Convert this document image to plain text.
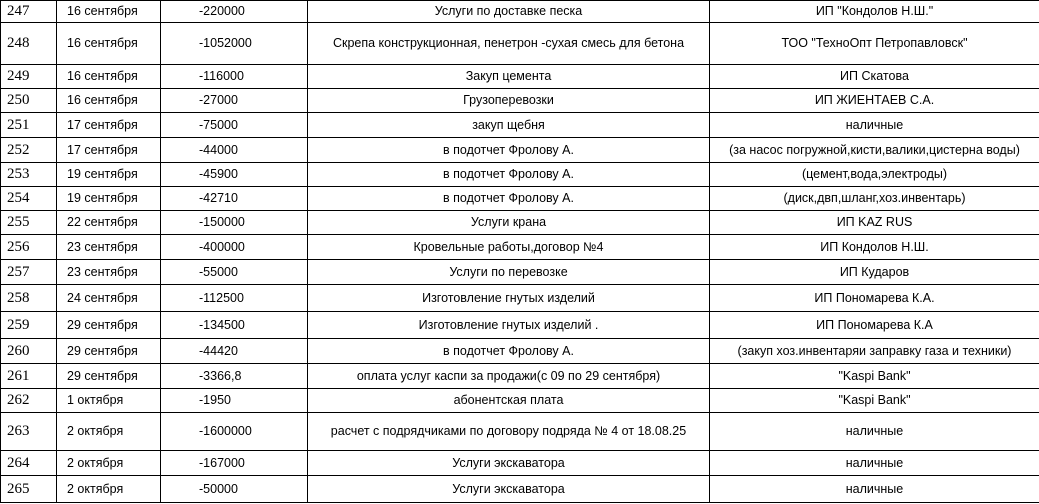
247	16 сентября	-220000	Услуги по доставке песка	ИП "Кондолов Н.Ш."
248	16 сентября	-1052000	Скрепа конструкционная, пенетрон -сухая смесь для бетона	ТОО "ТехноОпт Петропавловск"
249	16 сентября	-116000	Закуп цемента	ИП Скатова
250	16 сентября	-27000	Грузоперевозки	ИП ЖИЕНТАЕВ С.А.
251	17 сентября	-75000	закуп щебня	наличные
252	17 сентября	-44000	в подотчет Фролову А.	(за насос погружной,кисти,валики,цистерна воды)
253	19 сентября	-45900	в подотчет Фролову А.	(цемент,вода,электроды)
254	19 сентября	-42710	в подотчет Фролову А.	(диск,двп,шланг,хоз.инвентарь)
255	22 сентября	-150000	Услуги крана	ИП KAZ RUS
256	23 сентября	-400000	Кровельные работы,договор №4	ИП Кондолов Н.Ш.
257	23 сентября	-55000	Услуги по перевозке	ИП Кударов
258	24 сентября	-112500	Изготовление гнутых изделий	ИП Пономарева К.А.
259	29 сентября	-134500	Изготовление гнутых изделий .	ИП Пономарева К.А
260	29 сентября	-44420	в подотчет Фролову А.	(закуп хоз.инвентаряи заправку газа и техники)
261	29 сентября	-3366,8	оплата услуг каспи за продажи(с 09 по 29 сентября)	"Kaspi Bank"
262	1 октября	-1950	абонентская плата	"Kaspi Bank"
263	2 октября	-1600000	расчет с подрядчиками по договору подряда № 4 от 18.08.25	наличные
264	2 октября	-167000	Услуги экскаватора	наличные
265	2 октября	-50000	Услуги экскаватора	наличные
